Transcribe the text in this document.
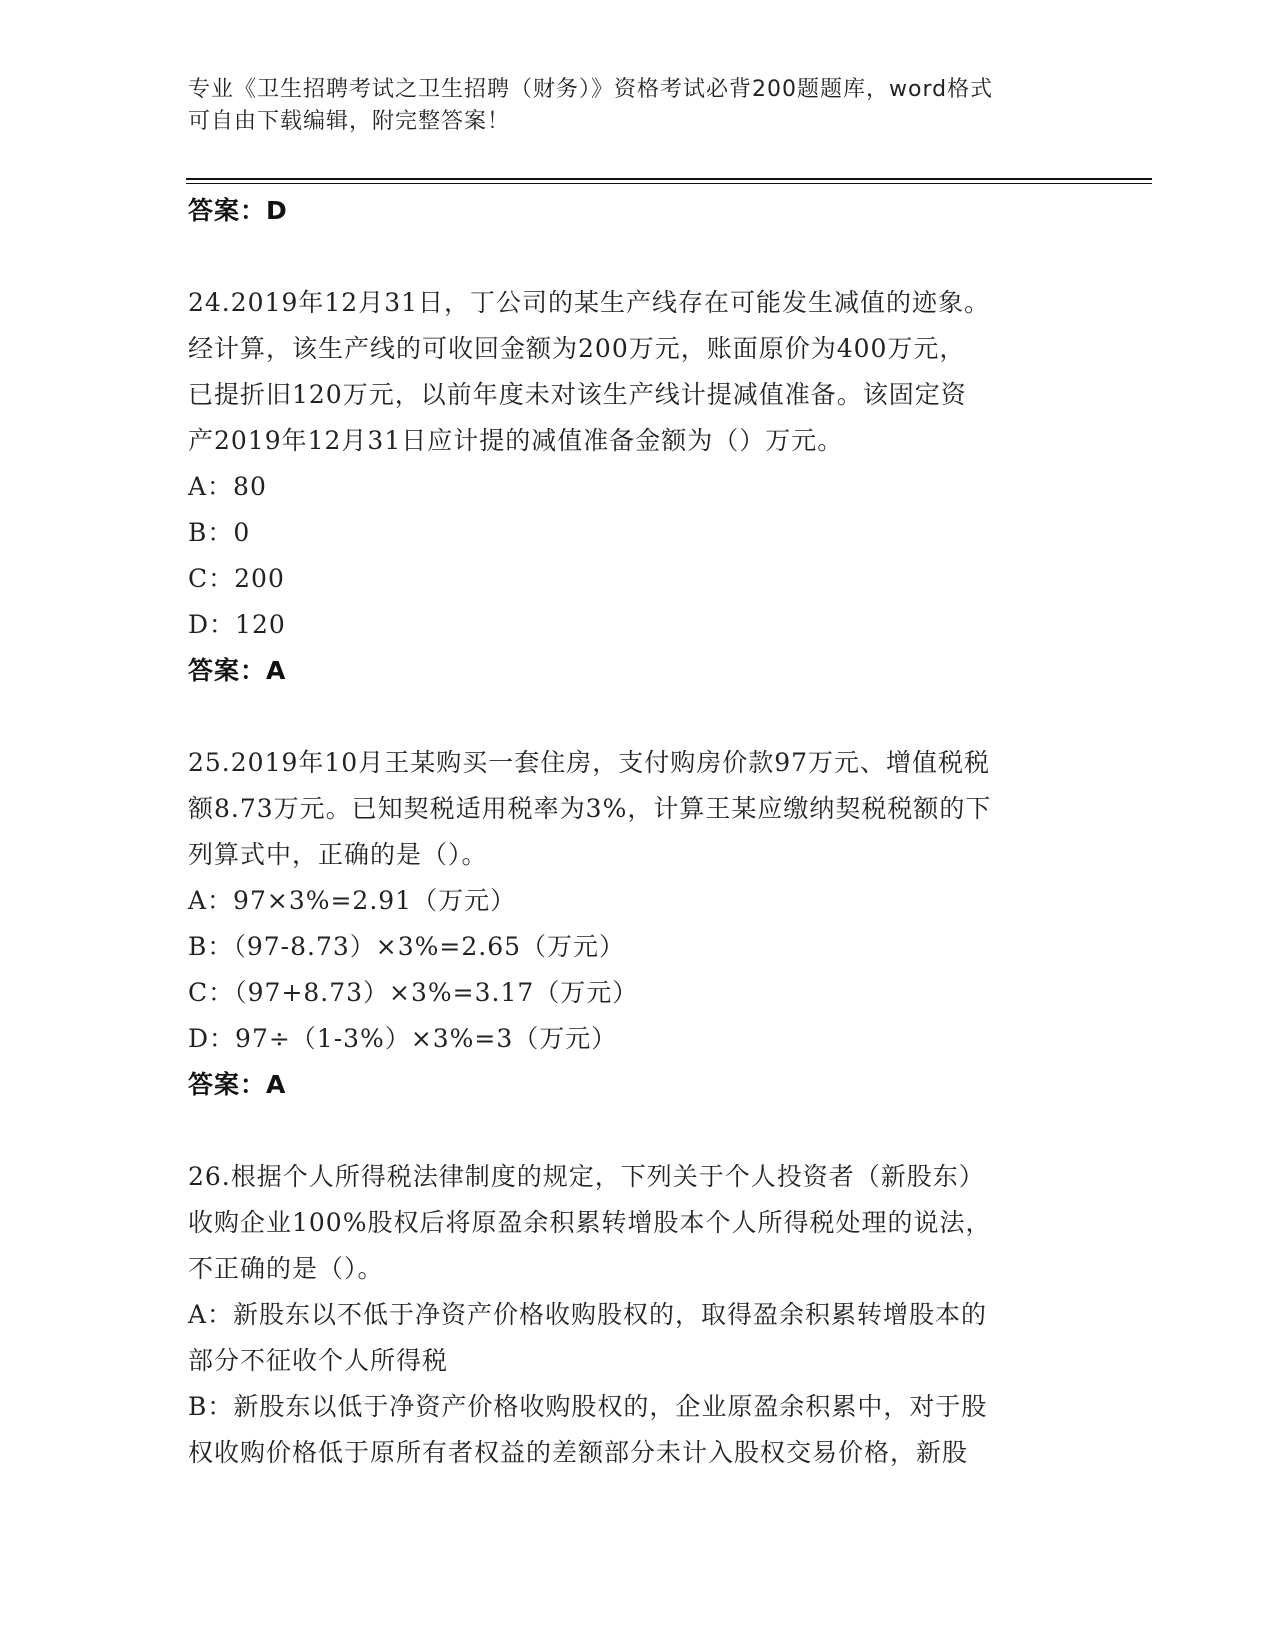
专业《卫生招聘考试之卫生招聘（财务）》资格考试必背200题题库，word格式
可自由下载编辑，附完整答案！
答案：D
24.2019年12月31日，丁公司的某生产线存在可能发生减值的迹象。
经计算，该生产线的可收回金额为200万元，账面原价为400万元，
已提折旧120万元，以前年度未对该生产线计提减值准备。该固定资
产2019年12月31日应计提的减值准备金额为（）万元。
A：80
B：0
C：200
D：120
答案：A
25.2019年10月王某购买一套住房，支付购房价款97万元、增值税税
额8.73万元。已知契税适用税率为3%，计算王某应缴纳契税税额的下
列算式中，正确的是（）。
A：97×3%=2.91（万元）
B：（97-8.73）×3%=2.65（万元）
C：（97+8.73）×3%=3.17（万元）
D：97÷（1-3%）×3%=3（万元）
答案：A
26.根据个人所得税法律制度的规定，下列关于个人投资者（新股东）
收购企业100%股权后将原盈余积累转增股本个人所得税处理的说法，
不正确的是（）。
A：新股东以不低于净资产价格收购股权的，取得盈余积累转增股本的
部分不征收个人所得税
B：新股东以低于净资产价格收购股权的，企业原盈余积累中，对于股
权收购价格低于原所有者权益的差额部分未计入股权交易价格，新股
